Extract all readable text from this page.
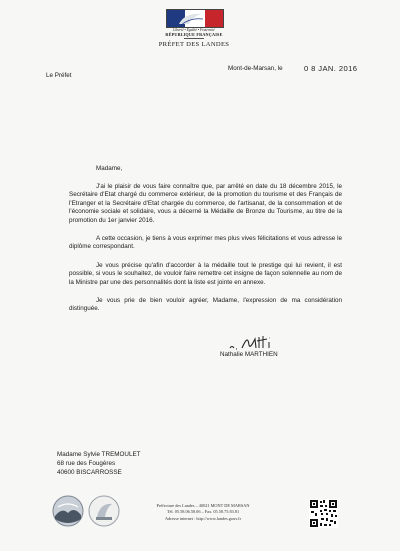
Liberté • Égalité • Fraternité
RÉPUBLIQUE FRANÇAISE
PRÉFET DES LANDES
Le Préfet
Mont-de-Marsan, le	0 8 JAN. 2016
Madame,

J'ai le plaisir de vous faire connaître que, par arrêté en date du 18 décembre 2015, le Secrétaire d'Etat chargé du commerce extérieur, de la promotion du tourisme et des Français de l'Etranger et la Secrétaire d'Etat chargée du commerce, de l'artisanat, de la consommation et de l'économie sociale et solidaire, vous a décerné la Médaille de Bronze du Tourisme, au titre de la promotion du 1er janvier 2016.

A cette occasion, je tiens à vous exprimer mes plus vives félicitations et vous adresse le diplôme correspondant.

Je vous précise qu'afin d'accorder à la médaille tout le prestige qui lui revient, il est possible, si vous le souhaitez, de vouloir faire remettre cet insigne de façon solennelle au nom de la Ministre par une des personnalités dont la liste est jointe en annexe.

Je vous prie de bien vouloir agréer, Madame, l'expression de ma considération distinguée.

Nathalie MARTHIEN
Madame Sylvie TREMOULET
68 rue des Fougères
40600 BISCARROSSE
Préfecture des Landes – 40021 MONT DE MARSAN
Tél. 05.58.06.58.06 – Fax. 05.58.75.83.81
Adresse internet : http://www.landes.gouv.fr
